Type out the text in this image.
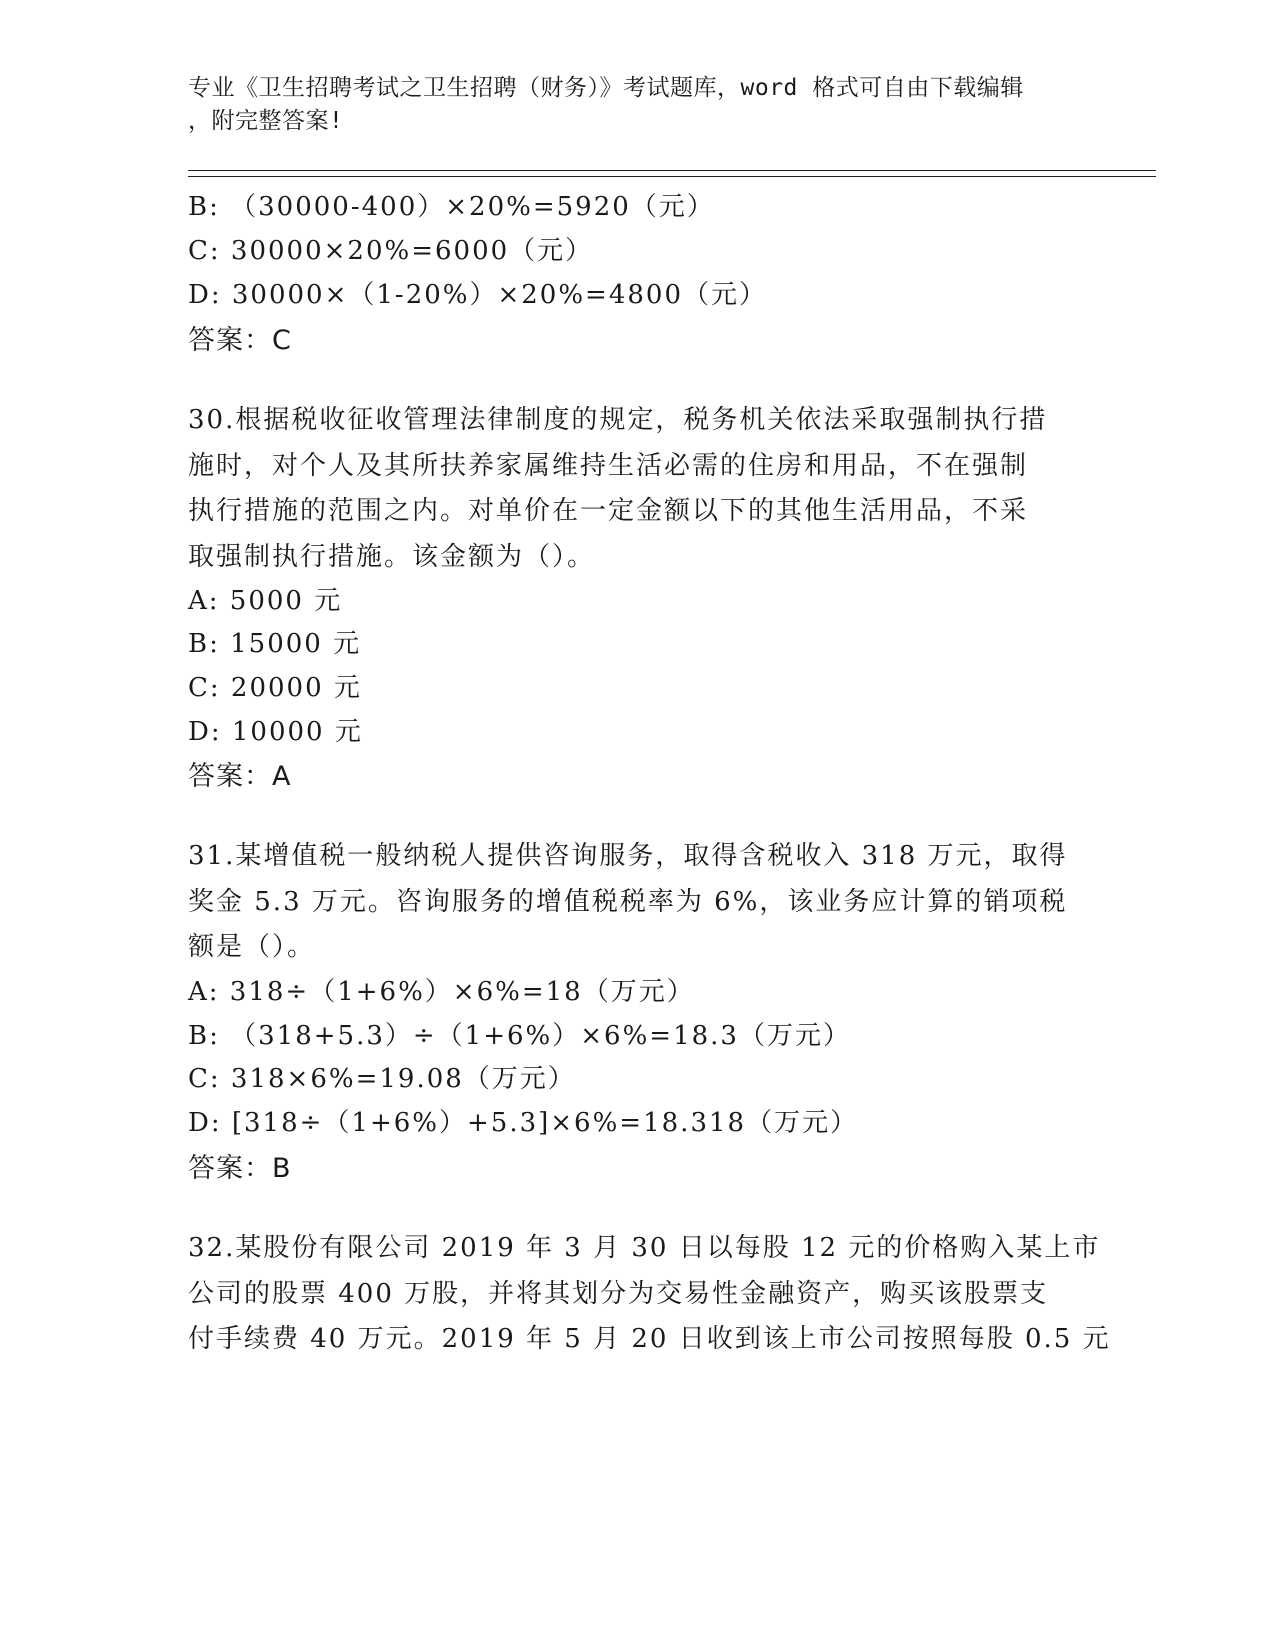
专业《卫生招聘考试之卫生招聘（财务）》考试题库，word 格式可自由下载编辑
，附完整答案!
B: （30000-400）×20%=5920（元）
C: 30000×20%=6000（元）
D: 30000×（1-20%）×20%=4800（元）
答案：C
30.根据税收征收管理法律制度的规定，税务机关依法采取强制执行措
施时，对个人及其所扶养家属维持生活必需的住房和用品，不在强制
执行措施的范围之内。对单价在一定金额以下的其他生活用品，不采
取强制执行措施。该金额为（）。
A: 5000 元
B: 15000 元
C: 20000 元
D: 10000 元
答案：A
31.某增值税一般纳税人提供咨询服务，取得含税收入 318 万元，取得
奖金 5.3 万元。咨询服务的增值税税率为 6%，该业务应计算的销项税
额是（）。
A: 318÷（1+6%）×6%=18（万元）
B: （318+5.3）÷（1+6%）×6%=18.3（万元）
C: 318×6%=19.08（万元）
D: [318÷（1+6%）+5.3]×6%=18.318（万元）
答案：B
32.某股份有限公司 2019 年 3 月 30 日以每股 12 元的价格购入某上市
公司的股票 400 万股，并将其划分为交易性金融资产，购买该股票支
付手续费 40 万元。2019 年 5 月 20 日收到该上市公司按照每股 0.5 元
